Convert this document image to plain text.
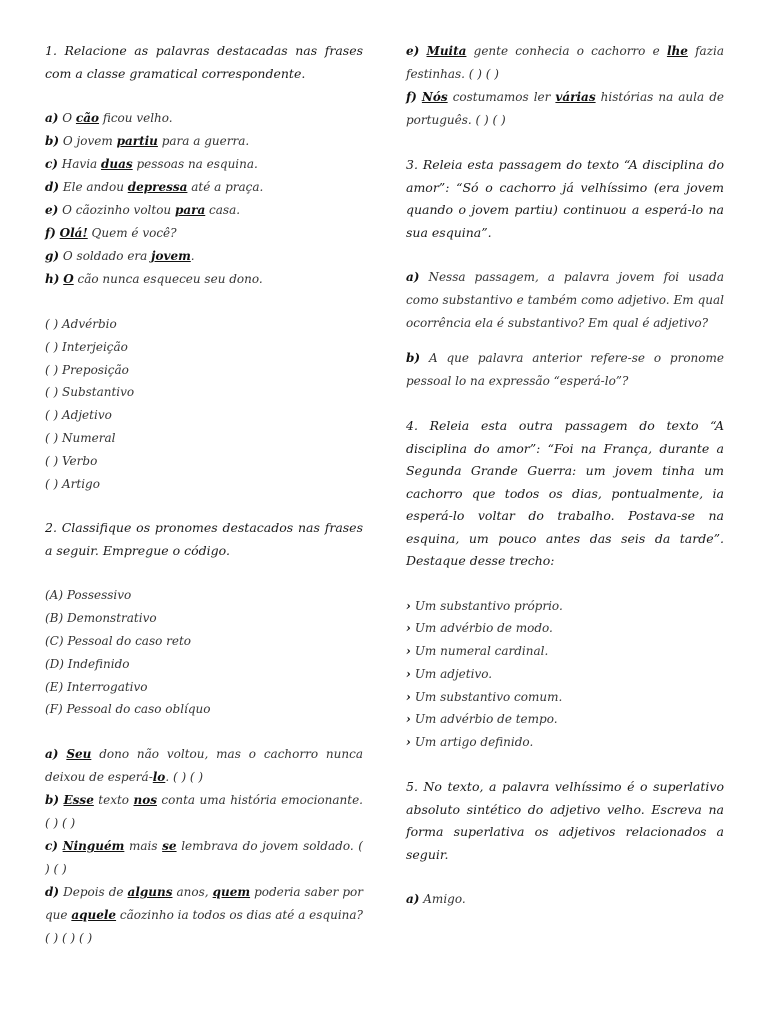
1. Relacione as palavras destacadas nas frases com a classe gramatical correspondente.

a) O cão ficou velho.

b) O jovem partiu para a guerra.

c) Havia duas pessoas na esquina.

d) Ele andou depressa até a praça.

e) O cãozinho voltou para casa.

f) Olá! Quem é você?

g) O soldado era jovem.

h) O cão nunca esqueceu seu dono.

( ) Advérbio
( ) Interjeição
( ) Preposição
( ) Substantivo
( ) Adjetivo
( ) Numeral
( ) Verbo
( ) Artigo

2. Classifique os pronomes destacados nas frases a seguir. Empregue o código.

(A) Possessivo
(B) Demonstrativo
(C) Pessoal do caso reto
(D) Indefinido
(E) Interrogativo
(F) Pessoal do caso oblíquo

a) Seu dono não voltou, mas o cachorro nunca deixou de esperá-lo. ( ) ( )

b) Esse texto nos conta uma história emocionante. ( ) ( )

c) Ninguém mais se lembrava do jovem soldado. ( ) ( )

d) Depois de alguns anos, quem poderia saber por que aquele cãozinho ia todos os dias até a esquina? ( ) ( ) ( )

e) Muita gente conhecia o cachorro e lhe fazia festinhas. ( ) ( )

f) Nós costumamos ler várias histórias na aula de português. ( ) ( )

3. Releia esta passagem do texto “A disciplina do amor”: “Só o cachorro já velhíssimo (era jovem quando o jovem partiu) continuou a esperá-lo na sua esquina”.

a) Nessa passagem, a palavra jovem foi usada como substantivo e também como adjetivo. Em qual ocorrência ela é substantivo? Em qual é adjetivo?

b) A que palavra anterior refere-se o pronome pessoal lo na expressão “esperá-lo”?

4. Releia esta outra passagem do texto “A disciplina do amor”: “Foi na França, durante a Segunda Grande Guerra: um jovem tinha um cachorro que todos os dias, pontualmente, ia esperá-lo voltar do trabalho. Postava-se na esquina, um pouco antes das seis da tarde”. Destaque desse trecho:

› Um substantivo próprio.
› Um advérbio de modo.
› Um numeral cardinal.
› Um adjetivo.
› Um substantivo comum.
› Um advérbio de tempo.
› Um artigo definido.

5. No texto, a palavra velhíssimo é o superlativo absoluto sintético do adjetivo velho. Escreva na forma superlativa os adjetivos relacionados a seguir.

a) Amigo.
